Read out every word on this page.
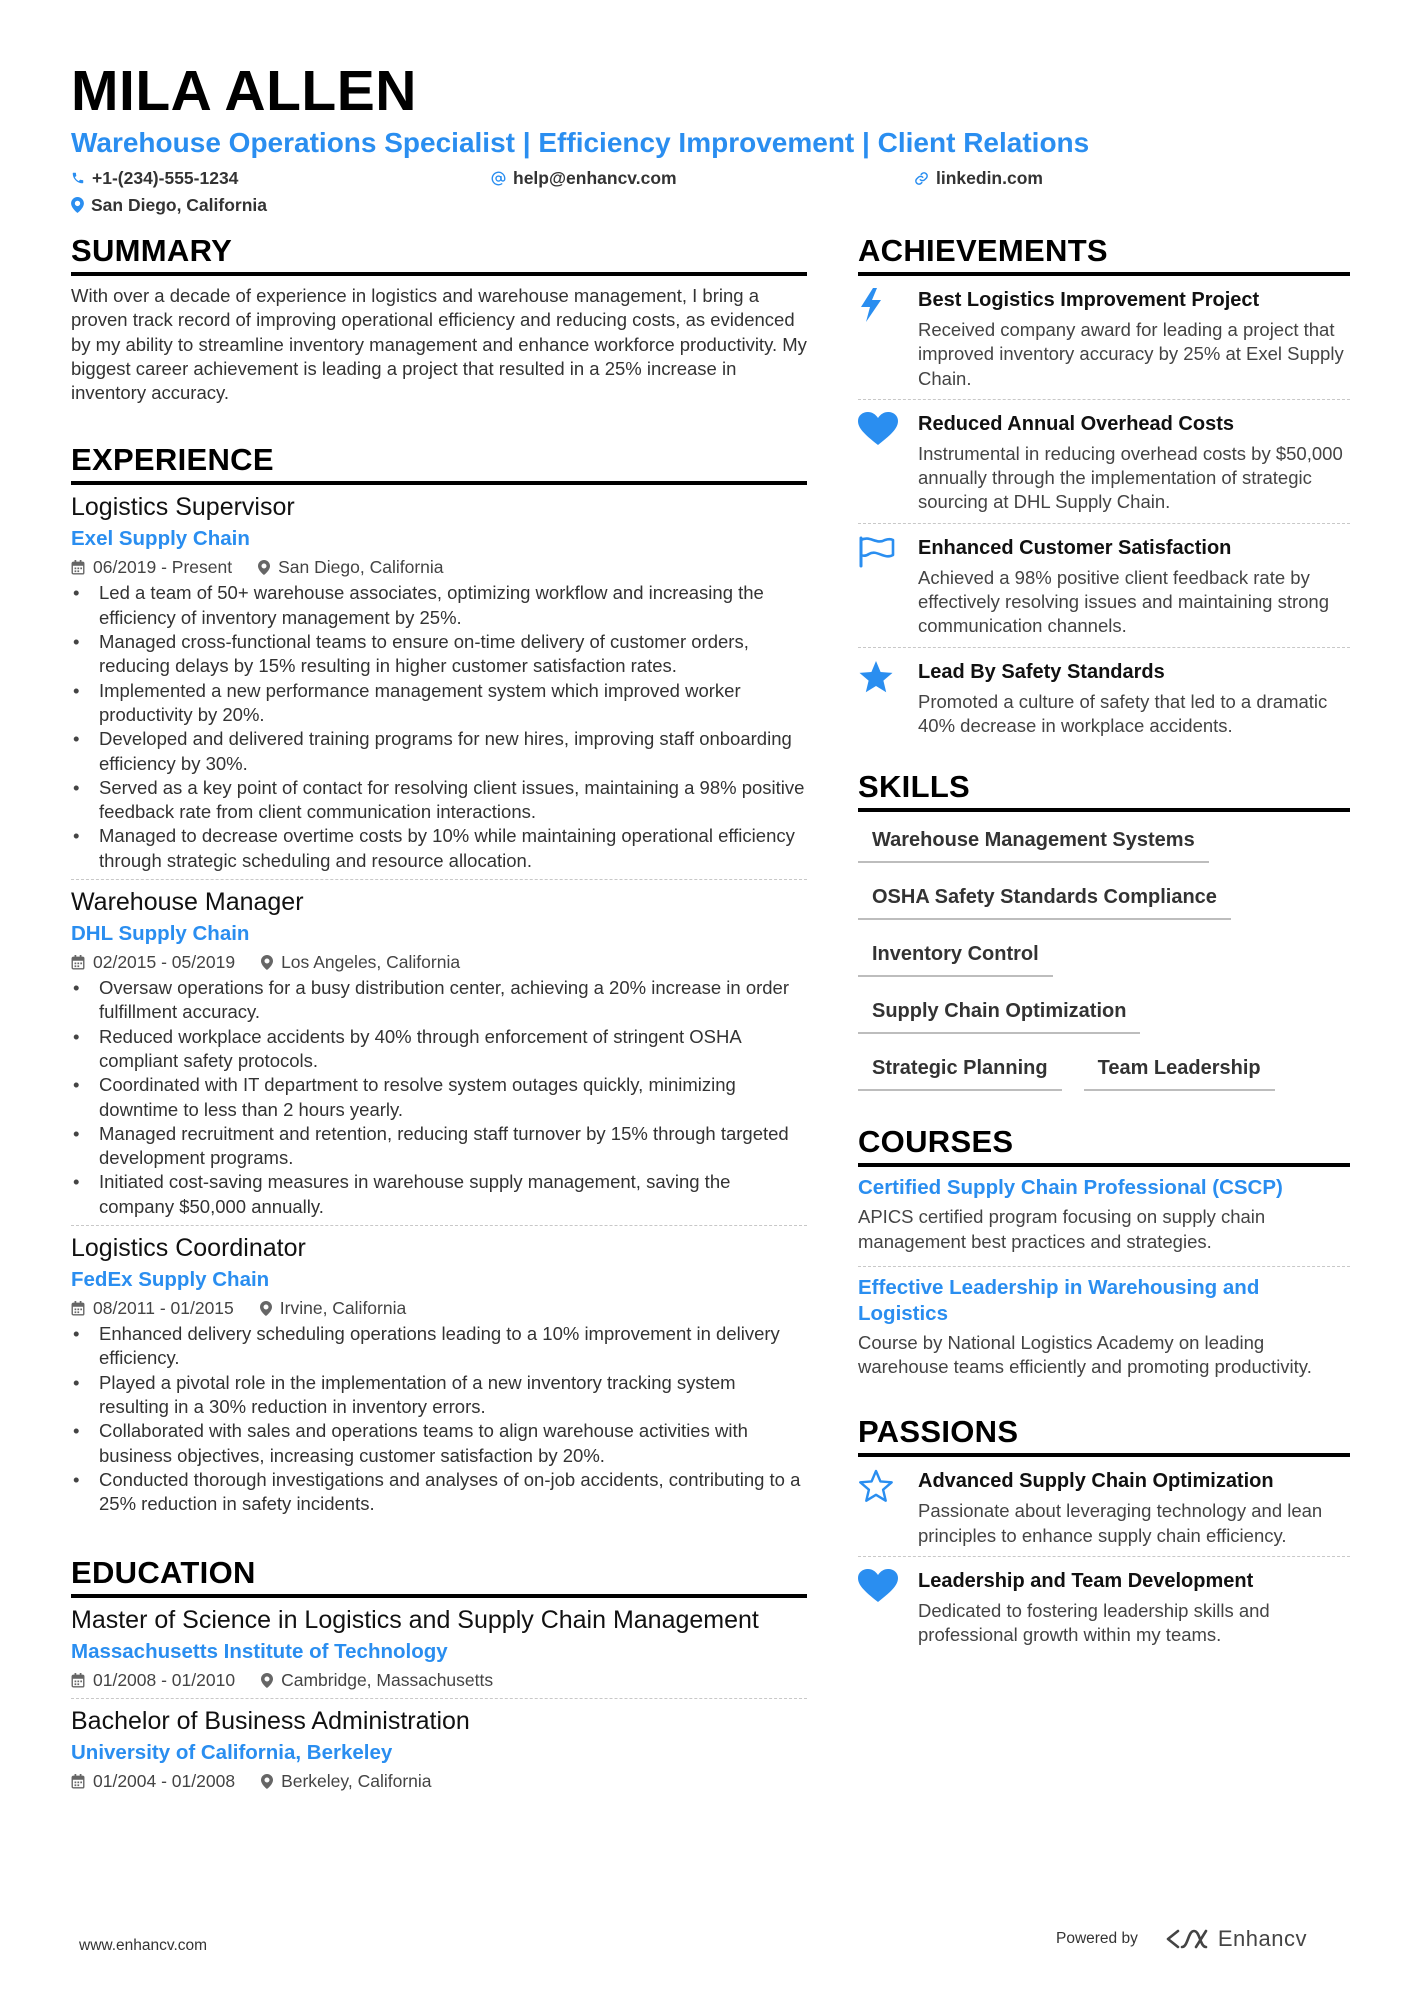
MILA ALLEN
Warehouse Operations Specialist | Efficiency Improvement | Client Relations
+1-(234)-555-1234	help@enhancv.com	linkedin.com
San Diego, California
SUMMARY
With over a decade of experience in logistics and warehouse management, I bring a proven track record of improving operational efficiency and reducing costs, as evidenced by my ability to streamline inventory management and enhance workforce productivity. My biggest career achievement is leading a project that resulted in a 25% increase in inventory accuracy.
EXPERIENCE
Logistics Supervisor
Exel Supply Chain
06/2019 - Present	San Diego, California
• Led a team of 50+ warehouse associates, optimizing workflow and increasing the efficiency of inventory management by 25%.
• Managed cross-functional teams to ensure on-time delivery of customer orders, reducing delays by 15% resulting in higher customer satisfaction rates.
• Implemented a new performance management system which improved worker productivity by 20%.
• Developed and delivered training programs for new hires, improving staff onboarding efficiency by 30%.
• Served as a key point of contact for resolving client issues, maintaining a 98% positive feedback rate from client communication interactions.
• Managed to decrease overtime costs by 10% while maintaining operational efficiency through strategic scheduling and resource allocation.
Warehouse Manager
DHL Supply Chain
02/2015 - 05/2019	Los Angeles, California
• Oversaw operations for a busy distribution center, achieving a 20% increase in order fulfillment accuracy.
• Reduced workplace accidents by 40% through enforcement of stringent OSHA compliant safety protocols.
• Coordinated with IT department to resolve system outages quickly, minimizing downtime to less than 2 hours yearly.
• Managed recruitment and retention, reducing staff turnover by 15% through targeted development programs.
• Initiated cost-saving measures in warehouse supply management, saving the company $50,000 annually.
Logistics Coordinator
FedEx Supply Chain
08/2011 - 01/2015	Irvine, California
• Enhanced delivery scheduling operations leading to a 10% improvement in delivery efficiency.
• Played a pivotal role in the implementation of a new inventory tracking system resulting in a 30% reduction in inventory errors.
• Collaborated with sales and operations teams to align warehouse activities with business objectives, increasing customer satisfaction by 20%.
• Conducted thorough investigations and analyses of on-job accidents, contributing to a 25% reduction in safety incidents.
EDUCATION
Master of Science in Logistics and Supply Chain Management
Massachusetts Institute of Technology
01/2008 - 01/2010	Cambridge, Massachusetts
Bachelor of Business Administration
University of California, Berkeley
01/2004 - 01/2008	Berkeley, California
ACHIEVEMENTS
Best Logistics Improvement Project
Received company award for leading a project that improved inventory accuracy by 25% at Exel Supply Chain.
Reduced Annual Overhead Costs
Instrumental in reducing overhead costs by $50,000 annually through the implementation of strategic sourcing at DHL Supply Chain.
Enhanced Customer Satisfaction
Achieved a 98% positive client feedback rate by effectively resolving issues and maintaining strong communication channels.
Lead By Safety Standards
Promoted a culture of safety that led to a dramatic 40% decrease in workplace accidents.
SKILLS
Warehouse Management Systems
OSHA Safety Standards Compliance
Inventory Control
Supply Chain Optimization
Strategic Planning	Team Leadership
COURSES
Certified Supply Chain Professional (CSCP)
APICS certified program focusing on supply chain management best practices and strategies.
Effective Leadership in Warehousing and Logistics
Course by National Logistics Academy on leading warehouse teams efficiently and promoting productivity.
PASSIONS
Advanced Supply Chain Optimization
Passionate about leveraging technology and lean principles to enhance supply chain efficiency.
Leadership and Team Development
Dedicated to fostering leadership skills and professional growth within my teams.
www.enhancv.com	Powered by	Enhancv
